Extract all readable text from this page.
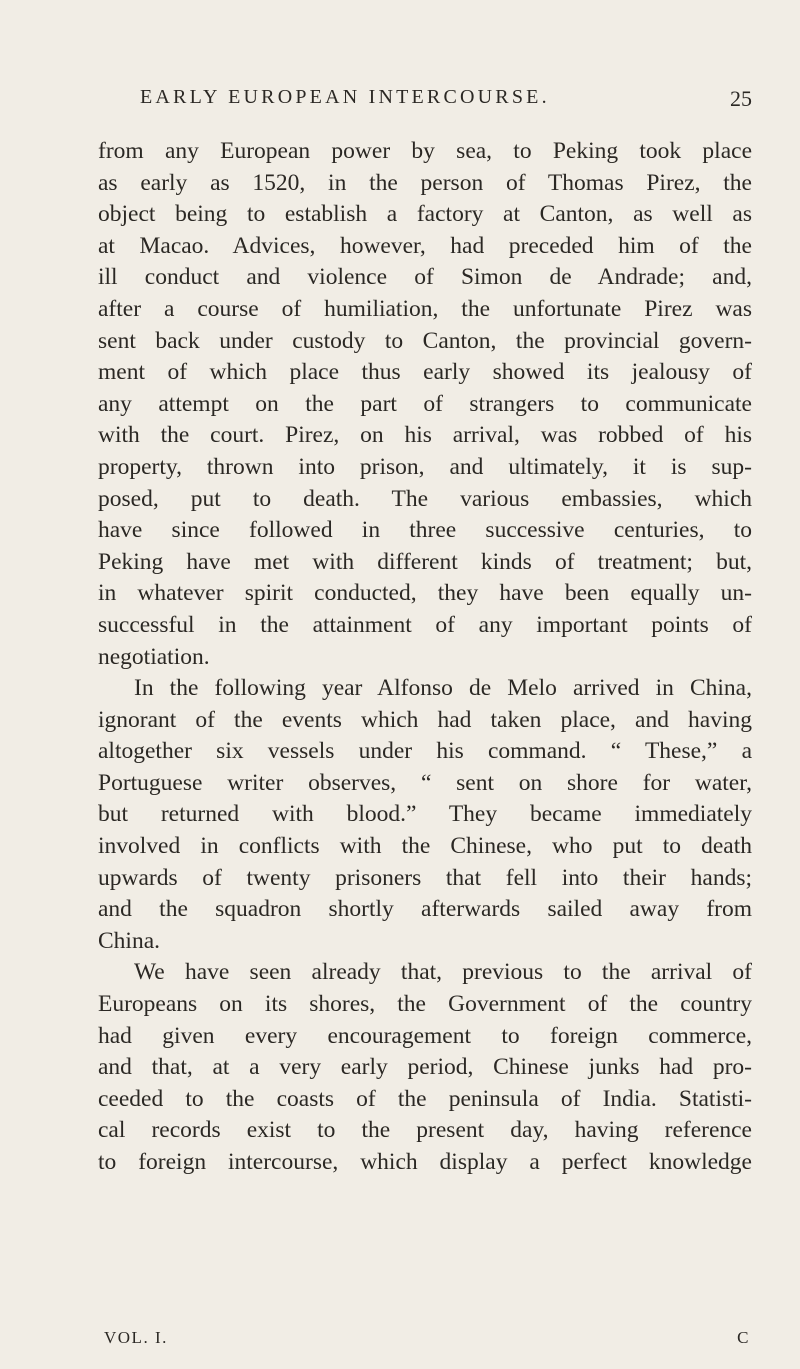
EARLY EUROPEAN INTERCOURSE.	25
from any European power by sea, to Peking took place
as early as 1520, in the person of Thomas Pirez, the
object being to establish a factory at Canton, as well as
at Macao. Advices, however, had preceded him of the
ill conduct and violence of Simon de Andrade; and,
after a course of humiliation, the unfortunate Pirez was
sent back under custody to Canton, the provincial govern-
ment of which place thus early showed its jealousy of
any attempt on the part of strangers to communicate
with the court. Pirez, on his arrival, was robbed of his
property, thrown into prison, and ultimately, it is sup-
posed, put to death. The various embassies, which
have since followed in three successive centuries, to
Peking have met with different kinds of treatment; but,
in whatever spirit conducted, they have been equally un-
successful in the attainment of any important points of
negotiation.
In the following year Alfonso de Melo arrived in China,
ignorant of the events which had taken place, and having
altogether six vessels under his command. “ These,” a
Portuguese writer observes, “ sent on shore for water,
but returned with blood.” They became immediately
involved in conflicts with the Chinese, who put to death
upwards of twenty prisoners that fell into their hands;
and the squadron shortly afterwards sailed away from
China.
We have seen already that, previous to the arrival of
Europeans on its shores, the Government of the country
had given every encouragement to foreign commerce,
and that, at a very early period, Chinese junks had pro-
ceeded to the coasts of the peninsula of India. Statisti-
cal records exist to the present day, having reference
to foreign intercourse, which display a perfect knowledge
VOL. I.	C
